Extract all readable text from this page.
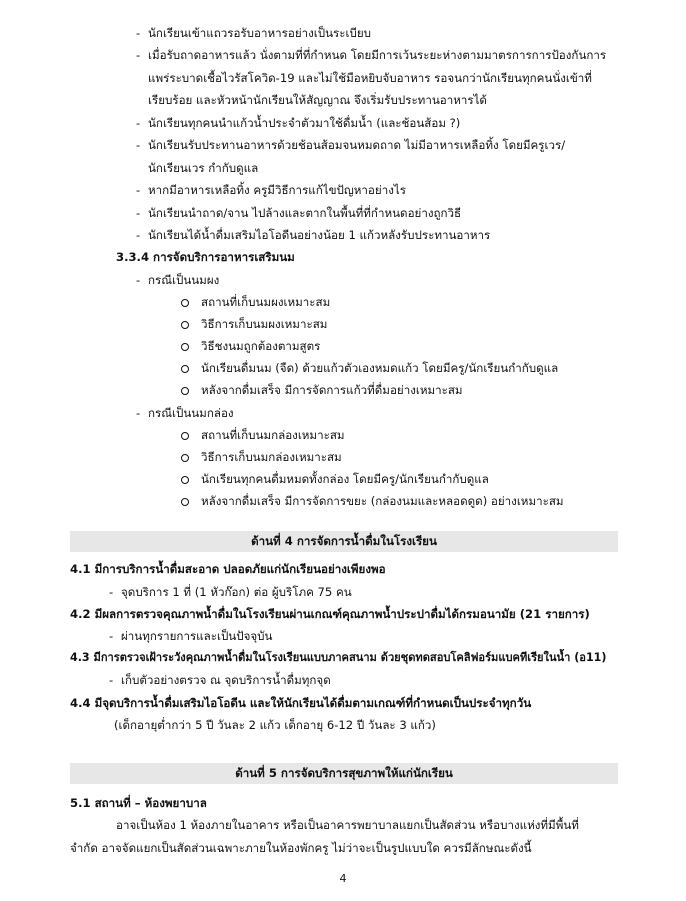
- นักเรียนเข้าแถวรอรับอาหารอย่างเป็นระเบียบ
- เมื่อรับถาดอาหารแล้ว นั่งตามที่ที่กำหนด โดยมีการเว้นระยะห่างตามมาตรการการป้องกันการ
แพร่ระบาดเชื้อไวรัสโควิด-19 และไม่ใช้มือหยิบจับอาหาร รอจนกว่านักเรียนทุกคนนั่งเข้าที่
เรียบร้อย และหัวหน้านักเรียนให้สัญญาณ จึงเริ่มรับประทานอาหารได้
- นักเรียนทุกคนนำแก้วน้ำประจำตัวมาใช้ดื่มน้ำ (และช้อนส้อม ?)
- นักเรียนรับประทานอาหารด้วยช้อนส้อมจนหมดถาด ไม่มีอาหารเหลือทิ้ง โดยมีครูเวร/
นักเรียนเวร กำกับดูแล
- หากมีอาหารเหลือทิ้ง ครูมีวิธีการแก้ไขปัญหาอย่างไร
- นักเรียนนำถาด/จาน ไปล้างและตากในพื้นที่ที่กำหนดอย่างถูกวิธี
- นักเรียนได้น้ำดื่มเสริมไอโอดีนอย่างน้อย 1 แก้วหลังรับประทานอาหาร
3.3.4 การจัดบริการอาหารเสริมนม
- กรณีเป็นนมผง
สถานที่เก็บนมผงเหมาะสม
วิธีการเก็บนมผงเหมาะสม
วิธีชงนมถูกต้องตามสูตร
นักเรียนดื่มนม (จืด) ด้วยแก้วตัวเองหมดแก้ว โดยมีครู/นักเรียนกำกับดูแล
หลังจากดื่มเสร็จ มีการจัดการแก้วที่ดื่มอย่างเหมาะสม
- กรณีเป็นนมกล่อง
สถานที่เก็บนมกล่องเหมาะสม
วิธีการเก็บนมกล่องเหมาะสม
นักเรียนทุกคนดื่มหมดทั้งกล่อง โดยมีครู/นักเรียนกำกับดูแล
หลังจากดื่มเสร็จ มีการจัดการขยะ (กล่องนมและหลอดดูด) อย่างเหมาะสม
ด้านที่ 4 การจัดการน้ำดื่มในโรงเรียน
4.1 มีการบริการน้ำดื่มสะอาด ปลอดภัยแก่นักเรียนอย่างเพียงพอ
- จุดบริการ 1 ที่ (1 หัวก๊อก) ต่อ ผู้บริโภค 75 คน
4.2 มีผลการตรวจคุณภาพน้ำดื่มในโรงเรียนผ่านเกณฑ์คุณภาพน้ำประปาดื่มได้กรมอนามัย (21 รายการ)
- ผ่านทุกรายการและเป็นปัจจุบัน
4.3 มีการตรวจเฝ้าระวังคุณภาพน้ำดื่มในโรงเรียนแบบภาคสนาม ด้วยชุดทดสอบโคลิฟอร์มแบคทีเรียในน้ำ (อ11)
- เก็บตัวอย่างตรวจ ณ จุดบริการน้ำดื่มทุกจุด
4.4 มีจุดบริการน้ำดื่มเสริมไอโอดีน และให้นักเรียนได้ดื่มตามเกณฑ์ที่กำหนดเป็นประจำทุกวัน
(เด็กอายุต่ำกว่า 5 ปี วันละ 2 แก้ว เด็กอายุ 6-12 ปี วันละ 3 แก้ว)
ด้านที่ 5 การจัดบริการสุขภาพให้แก่นักเรียน
5.1 สถานที่ – ห้องพยาบาล
อาจเป็นห้อง 1 ห้องภายในอาคาร หรือเป็นอาคารพยาบาลแยกเป็นสัดส่วน หรือบางแห่งที่มีพื้นที่
จำกัด อาจจัดแยกเป็นสัดส่วนเฉพาะภายในห้องพักครู ไม่ว่าจะเป็นรูปแบบใด ควรมีลักษณะดังนี้
4
